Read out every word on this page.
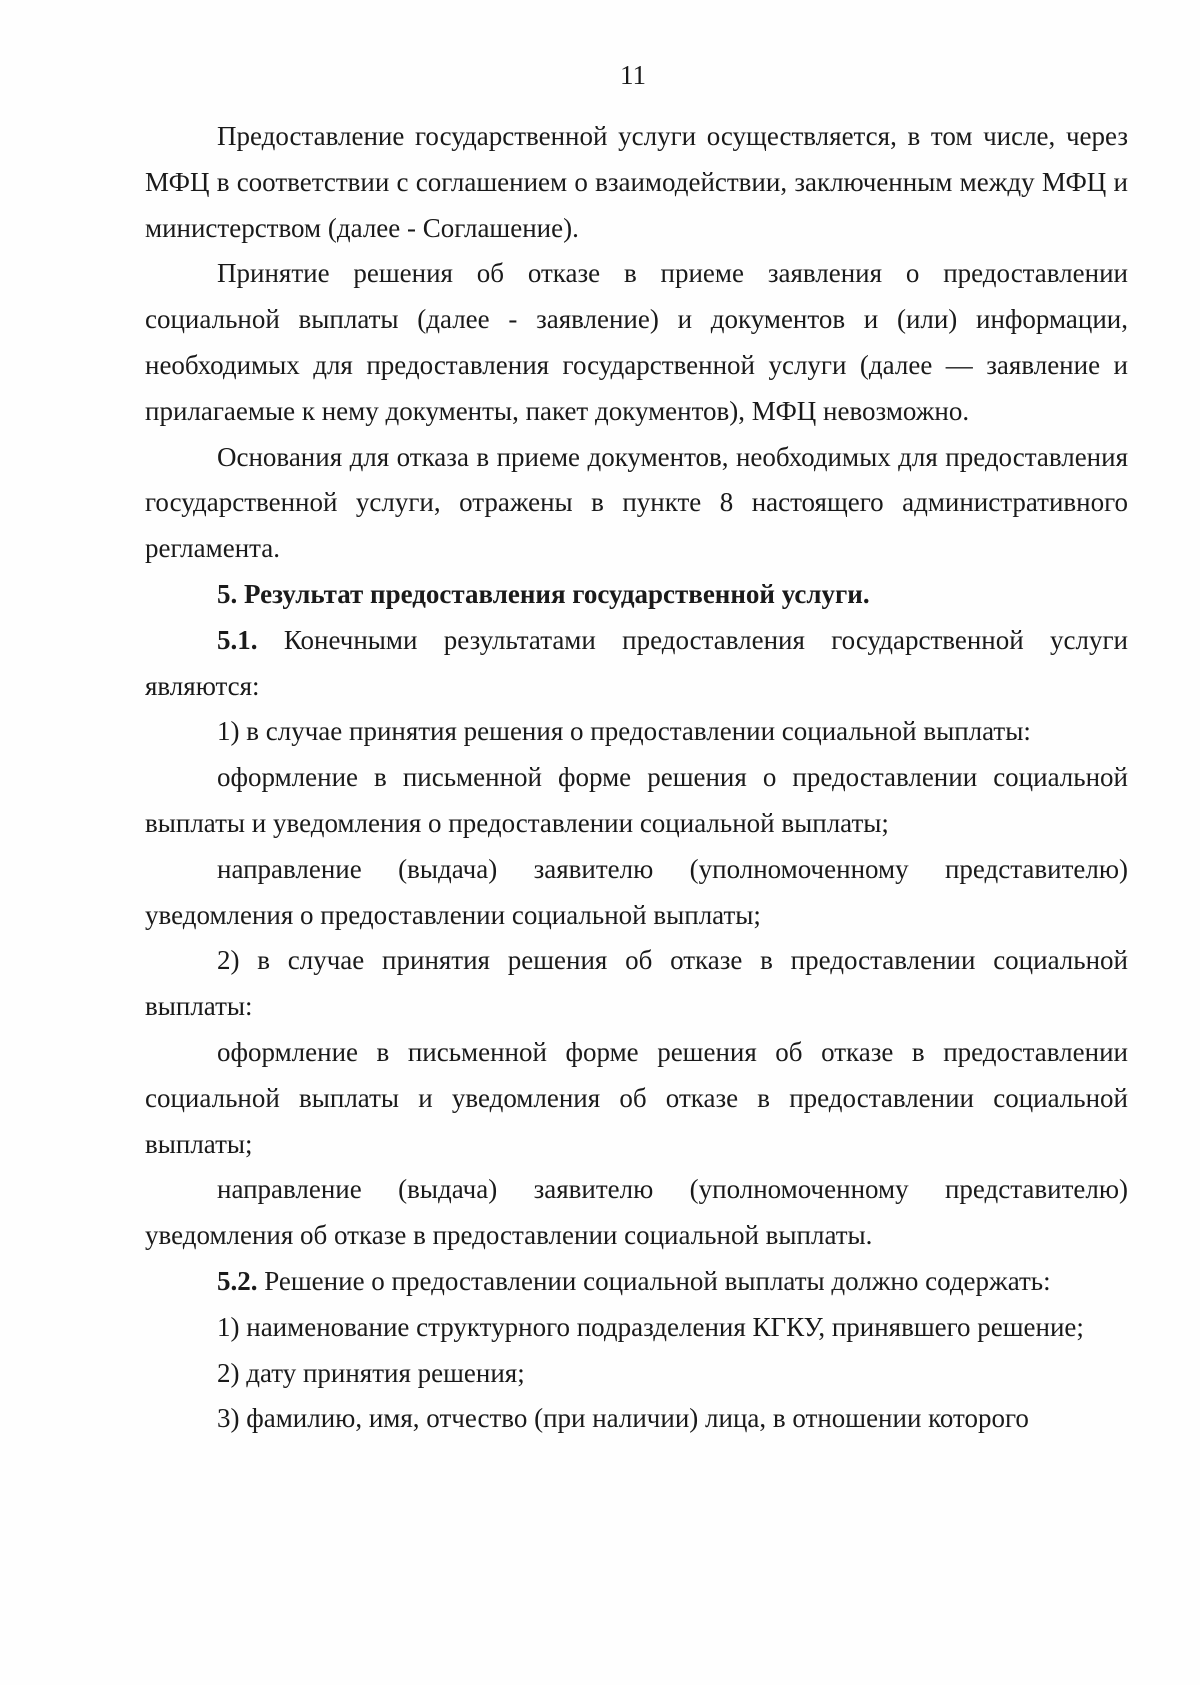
11

Предоставление государственной услуги осуществляется, в том числе, через МФЦ в соответствии с соглашением о взаимодействии, заключенным между МФЦ и министерством (далее - Соглашение).

Принятие решения об отказе в приеме заявления о предоставлении социальной выплаты (далее - заявление) и документов и (или) информации, необходимых для предоставления государственной услуги (далее — заявление и прилагаемые к нему документы, пакет документов), МФЦ невозможно.

Основания для отказа в приеме документов, необходимых для предоставления государственной услуги, отражены в пункте 8 настоящего административного регламента.

5. Результат предоставления государственной услуги.

5.1. Конечными результатами предоставления государственной услуги являются:

1) в случае принятия решения о предоставлении социальной выплаты:

оформление в письменной форме решения о предоставлении социальной выплаты и уведомления о предоставлении социальной выплаты;

направление (выдача) заявителю (уполномоченному представителю) уведомления о предоставлении социальной выплаты;

2) в случае принятия решения об отказе в предоставлении социальной выплаты:

оформление в письменной форме решения об отказе в предоставлении социальной выплаты и уведомления об отказе в предоставлении социальной выплаты;

направление (выдача) заявителю (уполномоченному представителю) уведомления об отказе в предоставлении социальной выплаты.

5.2. Решение о предоставлении социальной выплаты должно содержать:

1) наименование структурного подразделения КГКУ, принявшего решение;

2) дату принятия решения;

3) фамилию, имя, отчество (при наличии) лица, в отношении которого
